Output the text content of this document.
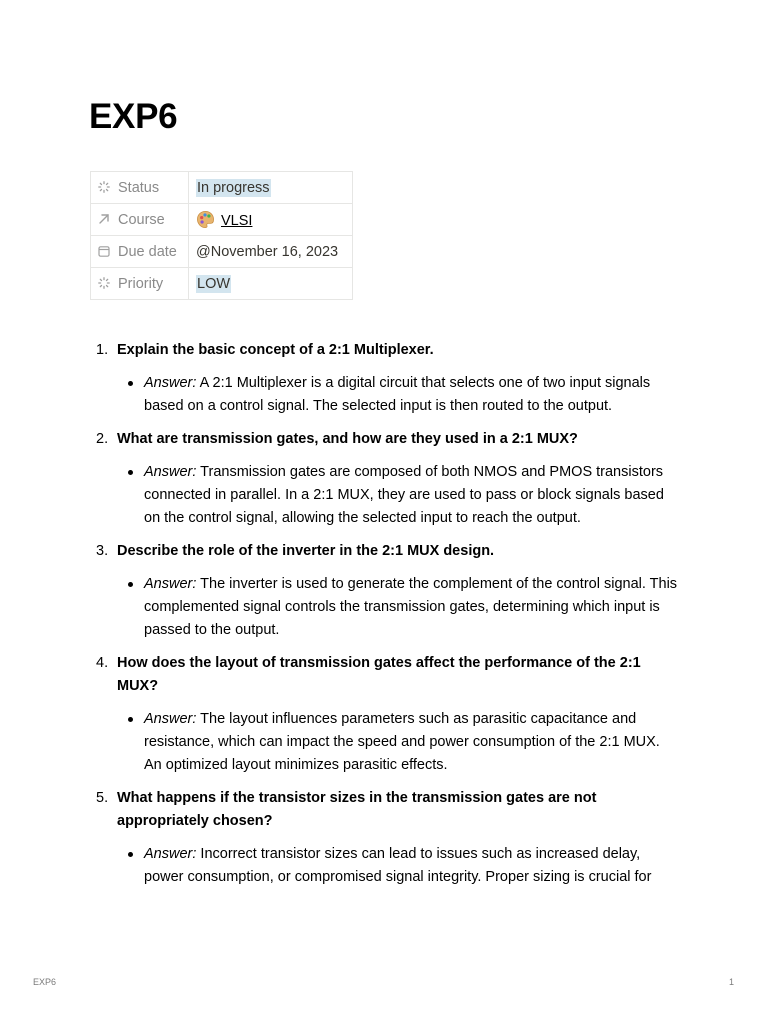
EXP6
Status	In progress
Course	VLSI
Due date	@November 16, 2023
Priority	LOW
1. Explain the basic concept of a 2:1 Multiplexer.
Answer: A 2:1 Multiplexer is a digital circuit that selects one of two input signals based on a control signal. The selected input is then routed to the output.
2. What are transmission gates, and how are they used in a 2:1 MUX?
Answer: Transmission gates are composed of both NMOS and PMOS transistors connected in parallel. In a 2:1 MUX, they are used to pass or block signals based on the control signal, allowing the selected input to reach the output.
3. Describe the role of the inverter in the 2:1 MUX design.
Answer: The inverter is used to generate the complement of the control signal. This complemented signal controls the transmission gates, determining which input is passed to the output.
4. How does the layout of transmission gates affect the performance of the 2:1 MUX?
Answer: The layout influences parameters such as parasitic capacitance and resistance, which can impact the speed and power consumption of the 2:1 MUX. An optimized layout minimizes parasitic effects.
5. What happens if the transistor sizes in the transmission gates are not appropriately chosen?
Answer: Incorrect transistor sizes can lead to issues such as increased delay, power consumption, or compromised signal integrity. Proper sizing is crucial for
EXP6	1
